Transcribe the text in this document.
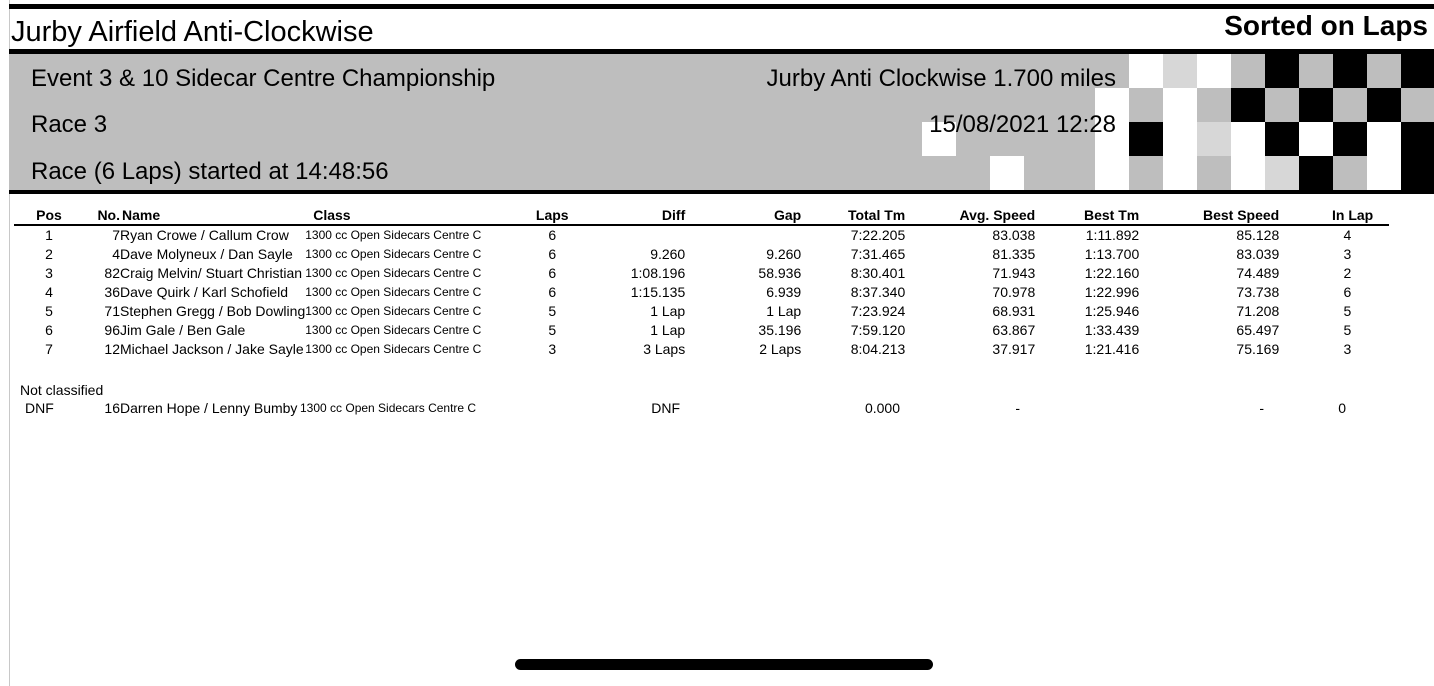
Jurby Airfield Anti-Clockwise	Sorted on Laps
Event 3 & 10 Sidecar Centre Championship
Race 3
Race (6 Laps) started at 14:48:56
Jurby Anti Clockwise 1.700 miles
15/08/2021 12:28
Pos	No.	Name	Class	Laps	Diff	Gap	Total Tm	Avg. Speed	Best Tm	Best Speed	In Lap
1	7	Ryan Crowe / Callum Crow	1300 cc Open Sidecars Centre C	6			7:22.205	83.038	1:11.892	85.128	4
2	4	Dave Molyneux / Dan Sayle	1300 cc Open Sidecars Centre C	6	9.260	9.260	7:31.465	81.335	1:13.700	83.039	3
3	82	Craig Melvin/ Stuart Christian	1300 cc Open Sidecars Centre C	6	1:08.196	58.936	8:30.401	71.943	1:22.160	74.489	2
4	36	Dave Quirk / Karl Schofield	1300 cc Open Sidecars Centre C	6	1:15.135	6.939	8:37.340	70.978	1:22.996	73.738	6
5	71	Stephen Gregg / Bob Dowling	1300 cc Open Sidecars Centre C	5	1 Lap	1 Lap	7:23.924	68.931	1:25.946	71.208	5
6	96	Jim Gale / Ben Gale	1300 cc Open Sidecars Centre C	5	1 Lap	35.196	7:59.120	63.867	1:33.439	65.497	5
7	12	Michael Jackson / Jake Sayle	1300 cc Open Sidecars Centre C	3	3 Laps	2 Laps	8:04.213	37.917	1:21.416	75.169	3
Not classified
DNF	16	Darren Hope / Lenny Bumby	1300 cc Open Sidecars Centre C		DNF		0.000	-		-	0
